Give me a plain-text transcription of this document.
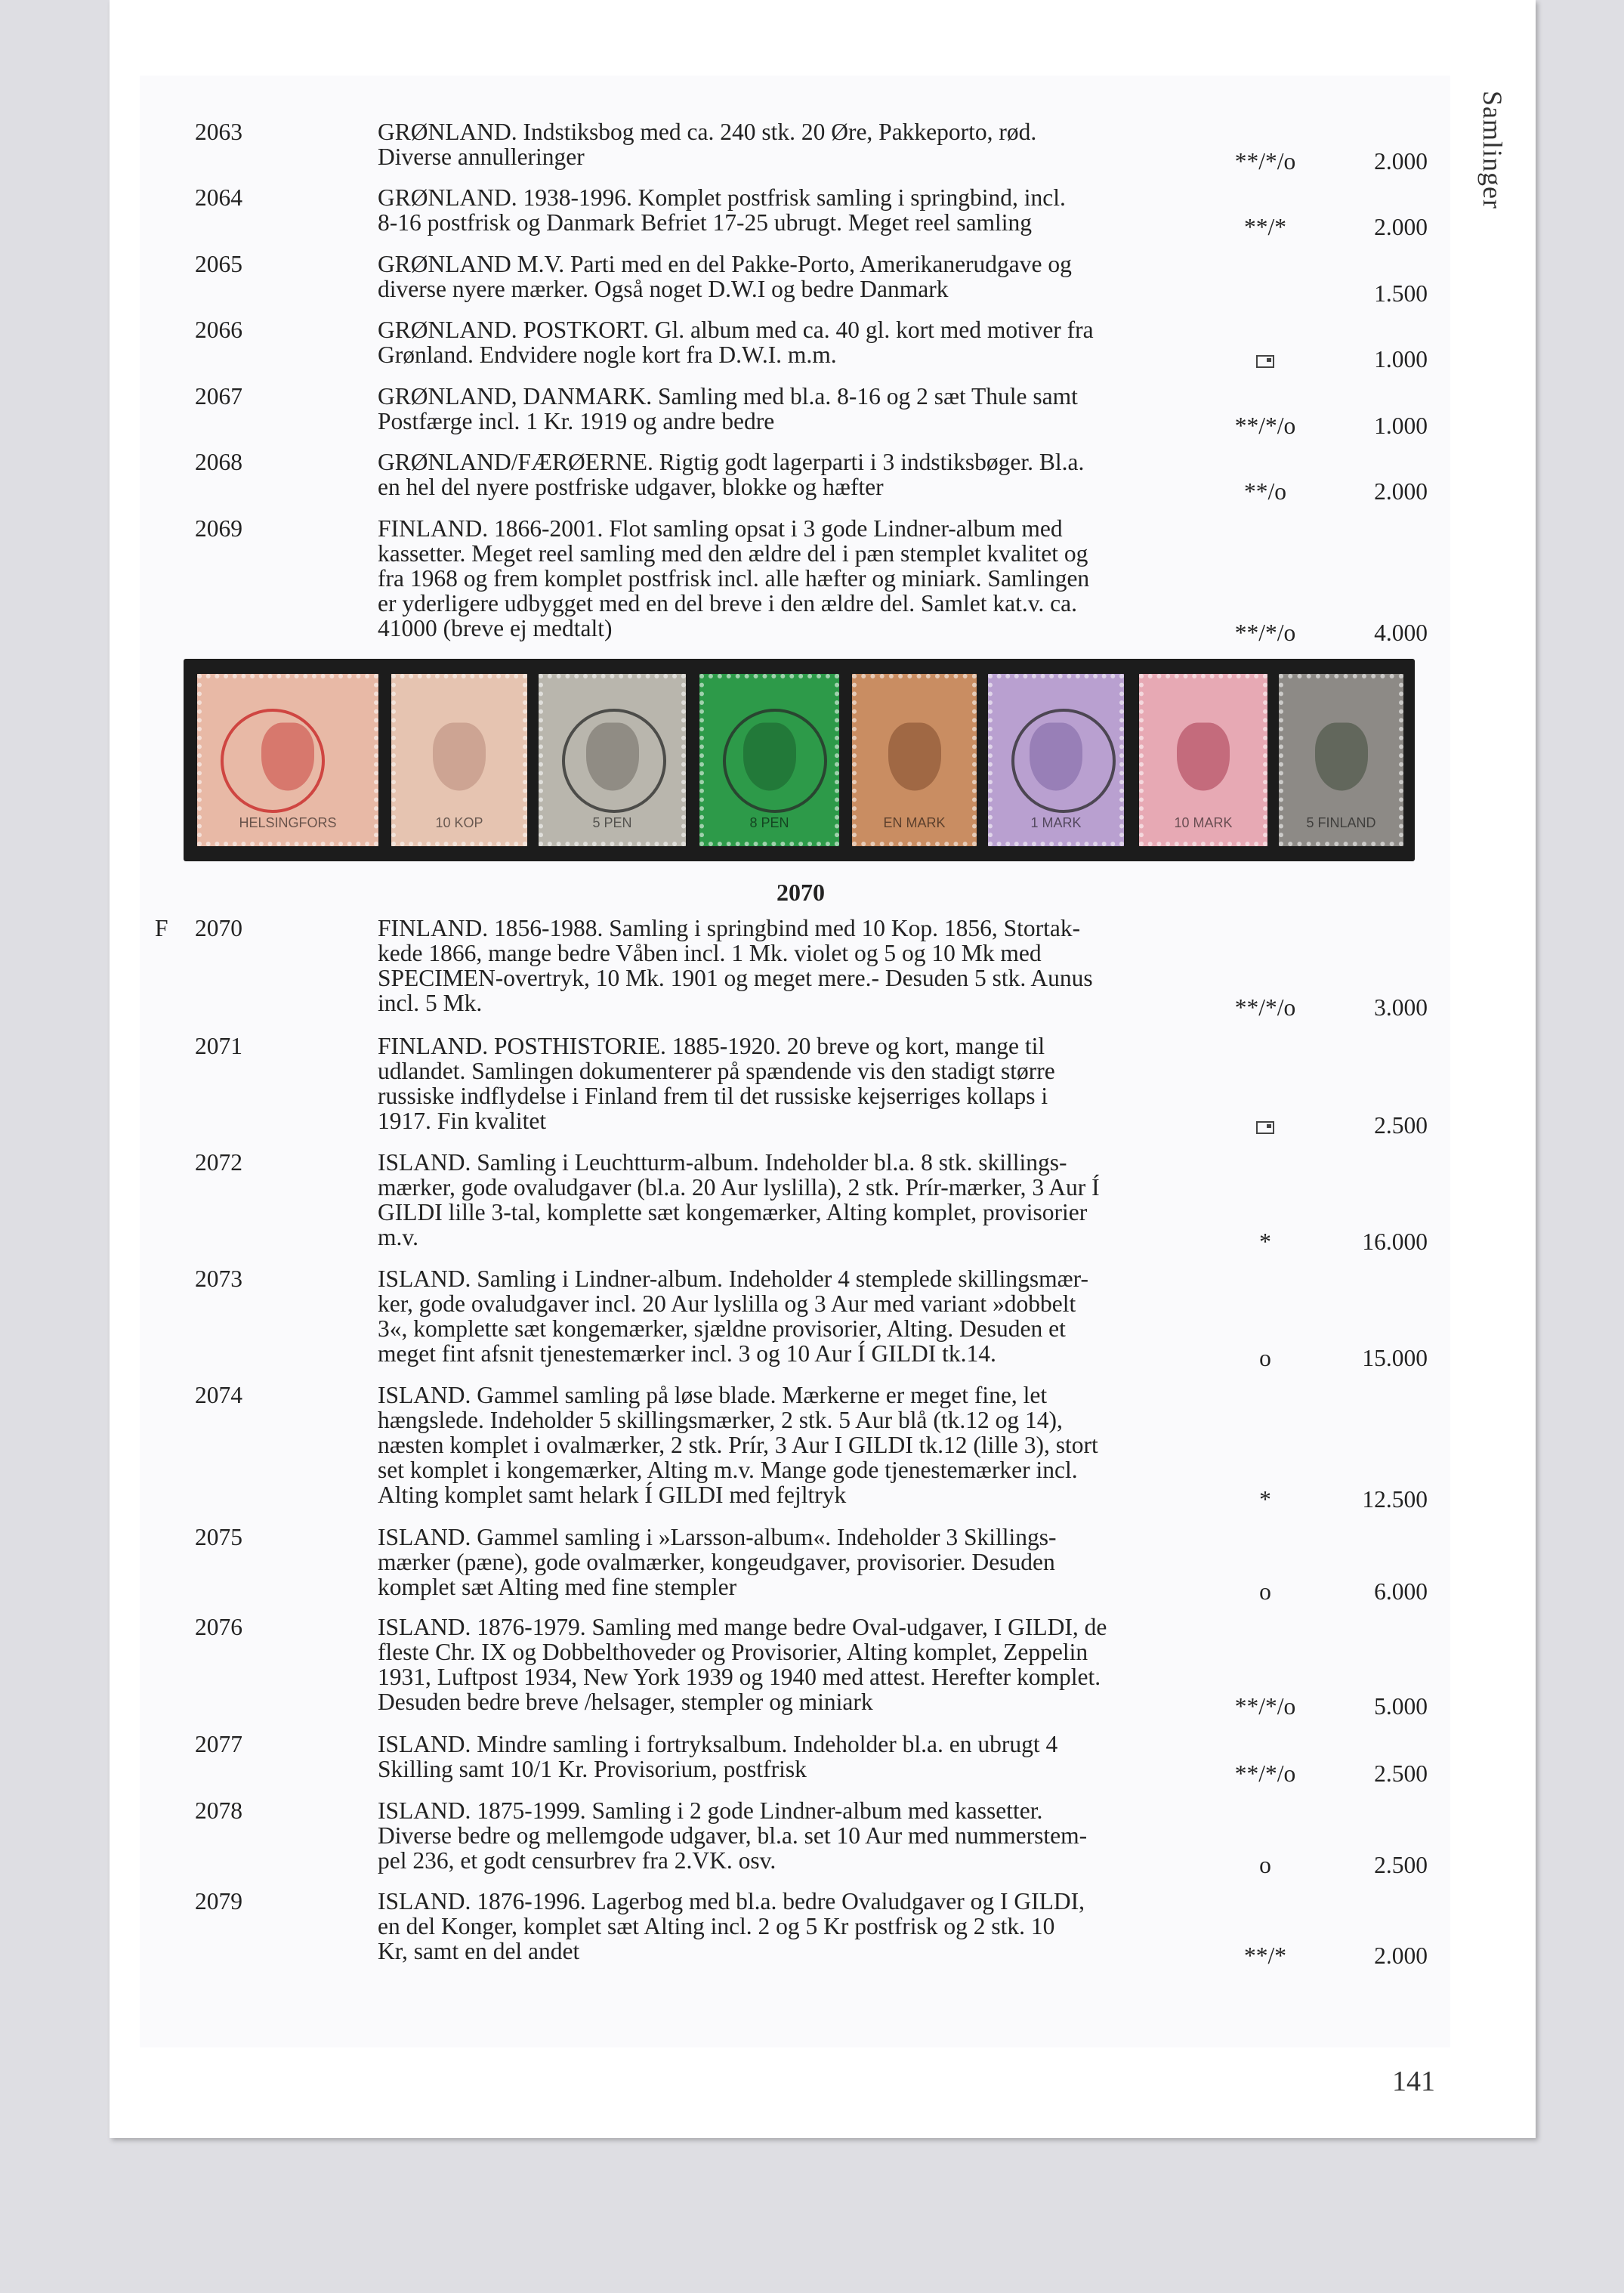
Samlinger
2063	GRØNLAND. Indstiksbog med ca. 240 stk. 20 Øre, Pakkeporto, rød.
Diverse annulleringer	**/*/o	2.000
2064	GRØNLAND. 1938-1996. Komplet postfrisk samling i springbind, incl.
8-16 postfrisk og Danmark Befriet 17-25 ubrugt. Meget reel samling	**/*	2.000
2065	GRØNLAND M.V. Parti med en del Pakke-Porto, Amerikanerudgave og
diverse nyere mærker. Også noget D.W.I og bedre Danmark	1.500
2066	GRØNLAND. POSTKORT. Gl. album med ca. 40 gl. kort med motiver fra
Grønland. Endvidere nogle kort fra D.W.I. m.m.	1.000
2067	GRØNLAND, DANMARK. Samling med bl.a. 8-16 og 2 sæt Thule samt
Postfærge incl. 1 Kr. 1919 og andre bedre	**/*/o	1.000
2068	GRØNLAND/FÆRØERNE. Rigtig godt lagerparti i 3 indstiksbøger. Bl.a.
en hel del nyere postfriske udgaver, blokke og hæfter	**/o	2.000
2069	FINLAND. 1866-2001. Flot samling opsat i 3 gode Lindner-album med
kassetter. Meget reel samling med den ældre del i pæn stemplet kvalitet og
fra 1968 og frem komplet postfrisk incl. alle hæfter og miniark. Samlingen
er yderligere udbygget med en del breve i den ældre del. Samlet kat.v. ca.
41000 (breve ej medtalt)	**/*/o	4.000
F 2070	FINLAND. 1856-1988. Samling i springbind med 10 Kop. 1856, Stortak-
kede 1866, mange bedre Våben incl. 1 Mk. violet og 5 og 10 Mk med
SPECIMEN-overtryk, 10 Mk. 1901 og meget mere.- Desuden 5 stk. Aunus
incl. 5 Mk.	**/*/o	3.000
2071	FINLAND. POSTHISTORIE. 1885-1920. 20 breve og kort, mange til
udlandet. Samlingen dokumenterer på spændende vis den stadigt større
russiske indflydelse i Finland frem til det russiske kejserriges kollaps i
1917. Fin kvalitet	2.500
2072	ISLAND. Samling i Leuchtturm-album. Indeholder bl.a. 8 stk. skillings-
mærker, gode ovaludgaver (bl.a. 20 Aur lyslilla), 2 stk. Prír-mærker, 3 Aur Í
GILDI lille 3-tal, komplette sæt kongemærker, Alting komplet, provisorier
m.v.	*	16.000
2073	ISLAND. Samling i Lindner-album. Indeholder 4 stemplede skillingsmær-
ker, gode ovaludgaver incl. 20 Aur lyslilla og 3 Aur med variant »dobbelt
3«, komplette sæt kongemærker, sjældne provisorier, Alting. Desuden et
meget fint afsnit tjenestemærker incl. 3 og 10 Aur Í GILDI tk.14.	o	15.000
2074	ISLAND. Gammel samling på løse blade. Mærkerne er meget fine, let
hængslede. Indeholder 5 skillingsmærker, 2 stk. 5 Aur blå (tk.12 og 14),
næsten komplet i ovalmærker, 2 stk. Prír, 3 Aur I GILDI tk.12 (lille 3), stort
set komplet i kongemærker, Alting m.v. Mange gode tjenestemærker incl.
Alting komplet samt helark Í GILDI med fejltryk	*	12.500
2075	ISLAND. Gammel samling i »Larsson-album«. Indeholder 3 Skillings-
mærker (pæne), gode ovalmærker, kongeudgaver, provisorier. Desuden
komplet sæt Alting med fine stempler	o	6.000
2076	ISLAND. 1876-1979. Samling med mange bedre Oval-udgaver, I GILDI, de
fleste Chr. IX og Dobbelthoveder og Provisorier, Alting komplet, Zeppelin
1931, Luftpost 1934, New York 1939 og 1940 med attest. Herefter komplet.
Desuden bedre breve /helsager, stempler og miniark	**/*/o	5.000
2077	ISLAND. Mindre samling i fortryksalbum. Indeholder bl.a. en ubrugt 4
Skilling samt 10/1 Kr. Provisorium, postfrisk	**/*/o	2.500
2078	ISLAND. 1875-1999. Samling i 2 gode Lindner-album med kassetter.
Diverse bedre og mellemgode udgaver, bl.a. set 10 Aur med nummerstem-
pel 236, et godt censurbrev fra 2.VK. osv.	o	2.500
2079	ISLAND. 1876-1996. Lagerbog med bl.a. bedre Ovaludgaver og I GILDI,
en del Konger, komplet sæt Alting incl. 2 og 5 Kr postfrisk og 2 stk. 10
Kr, samt en del andet	**/*	2.000
HELSINGFORS	10 KOP	5 PEN	8 PEN	EN MARK	1 MARK	10 MARK	5 FINLAND
2070
141
